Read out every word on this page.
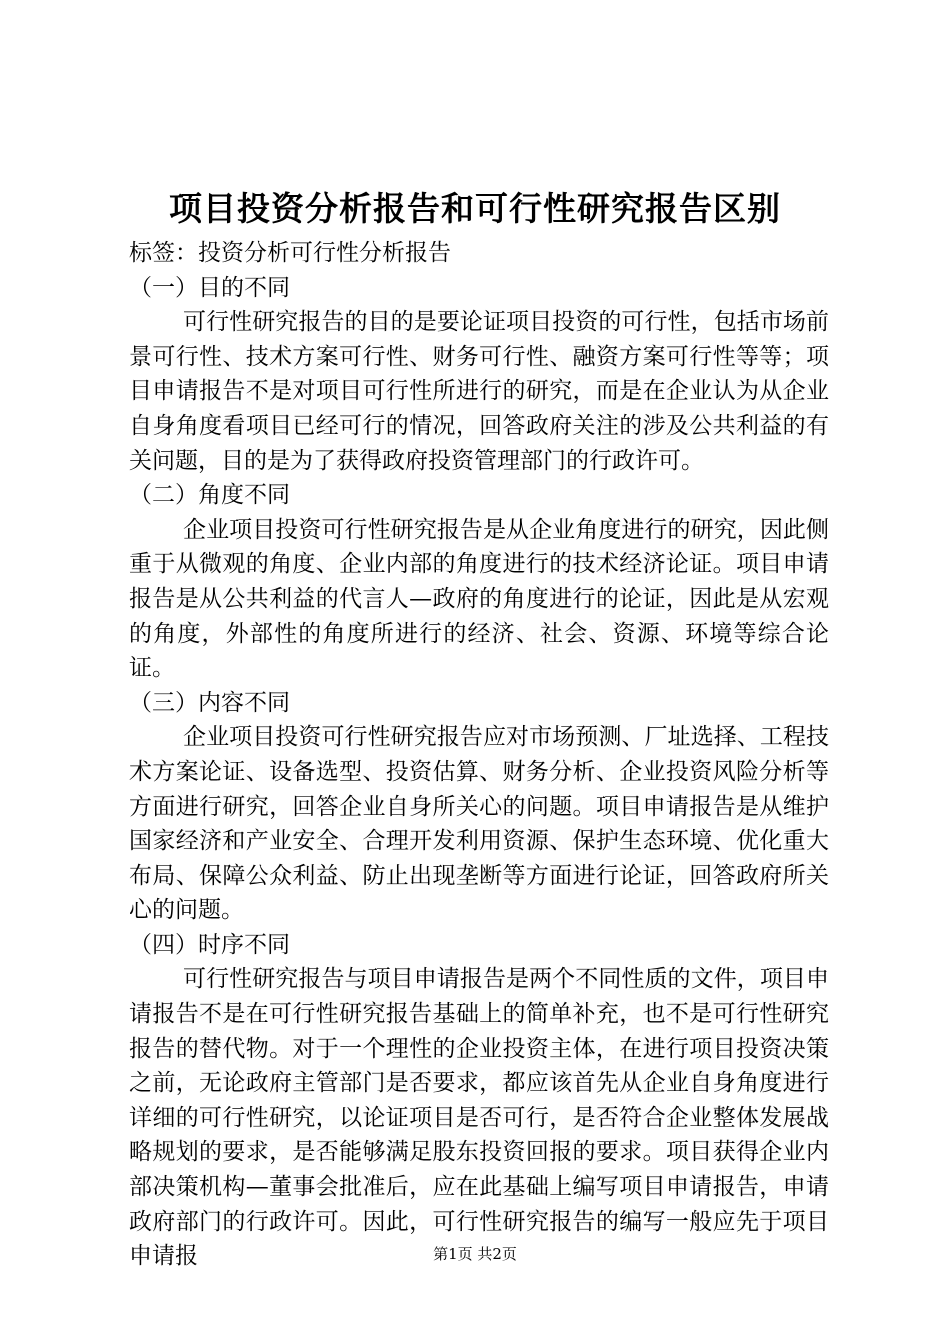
项目投资分析报告和可行性研究报告区别

标签：投资分析可行性分析报告

（一）目的不同

可行性研究报告的目的是要论证项目投资的可行性，包括市场前景可行性、技术方案可行性、财务可行性、融资方案可行性等等；项目申请报告不是对项目可行性所进行的研究，而是在企业认为从企业自身角度看项目已经可行的情况，回答政府关注的涉及公共利益的有关问题，目的是为了获得政府投资管理部门的行政许可。

（二）角度不同

企业项目投资可行性研究报告是从企业角度进行的研究，因此侧重于从微观的角度、企业内部的角度进行的技术经济论证。项目申请报告是从公共利益的代言人—政府的角度进行的论证，因此是从宏观的角度，外部性的角度所进行的经济、社会、资源、环境等综合论证。

（三）内容不同

企业项目投资可行性研究报告应对市场预测、厂址选择、工程技术方案论证、设备选型、投资估算、财务分析、企业投资风险分析等方面进行研究，回答企业自身所关心的问题。项目申请报告是从维护国家经济和产业安全、合理开发利用资源、保护生态环境、优化重大布局、保障公众利益、防止出现垄断等方面进行论证，回答政府所关心的问题。

（四）时序不同

可行性研究报告与项目申请报告是两个不同性质的文件，项目申请报告不是在可行性研究报告基础上的简单补充，也不是可行性研究报告的替代物。对于一个理性的企业投资主体，在进行项目投资决策之前，无论政府主管部门是否要求，都应该首先从企业自身角度进行详细的可行性研究，以论证项目是否可行，是否符合企业整体发展战略规划的要求，是否能够满足股东投资回报的要求。项目获得企业内部决策机构—董事会批准后，应在此基础上编写项目申请报告，申请政府部门的行政许可。因此，可行性研究报告的编写一般应先于项目申请报	第1页 共2页
